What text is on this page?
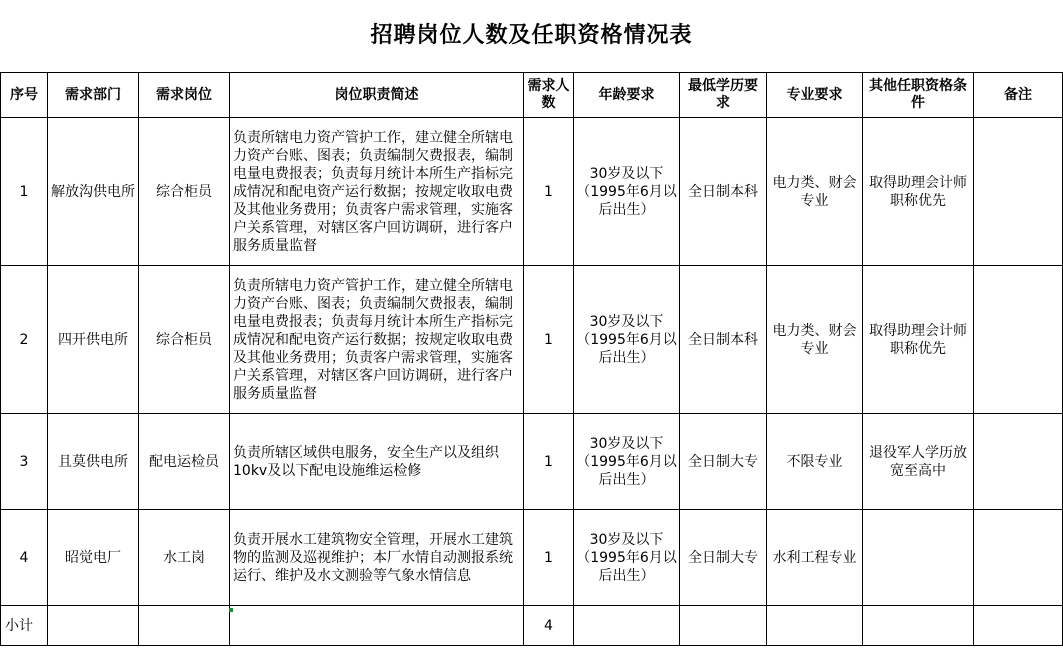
招聘岗位人数及任职资格情况表
序号	需求部门	需求岗位	岗位职责简述	需求人数	年龄要求	最低学历要求	专业要求	其他任职资格条件	备注
1	解放沟供电所	综合柜员	负责所辖电力资产管护工作，建立健全所辖电力资产台账、图表；负责编制欠费报表，编制电量电费报表；负责每月统计本所生产指标完成情况和配电资产运行数据；按规定收取电费及其他业务费用；负责客户需求管理，实施客户关系管理，对辖区客户回访调研，进行客户服务质量监督	1	30岁及以下（1995年6月以后出生）	全日制本科	电力类、财会专业	取得助理会计师职称优先	
2	四开供电所	综合柜员	负责所辖电力资产管护工作，建立健全所辖电力资产台账、图表；负责编制欠费报表，编制电量电费报表；负责每月统计本所生产指标完成情况和配电资产运行数据；按规定收取电费及其他业务费用；负责客户需求管理，实施客户关系管理，对辖区客户回访调研，进行客户服务质量监督	1	30岁及以下（1995年6月以后出生）	全日制本科	电力类、财会专业	取得助理会计师职称优先	
3	且莫供电所	配电运检员	负责所辖区域供电服务，安全生产以及组织10kv及以下配电设施维运检修	1	30岁及以下（1995年6月以后出生）	全日制大专	不限专业	退役军人学历放宽至高中	
4	昭觉电厂	水工岗	负责开展水工建筑物安全管理，开展水工建筑物的监测及巡视维护；本厂水情自动测报系统运行、维护及水文测验等气象水情信息	1	30岁及以下（1995年6月以后出生）	全日制大专	水利工程专业		
小计				4					
